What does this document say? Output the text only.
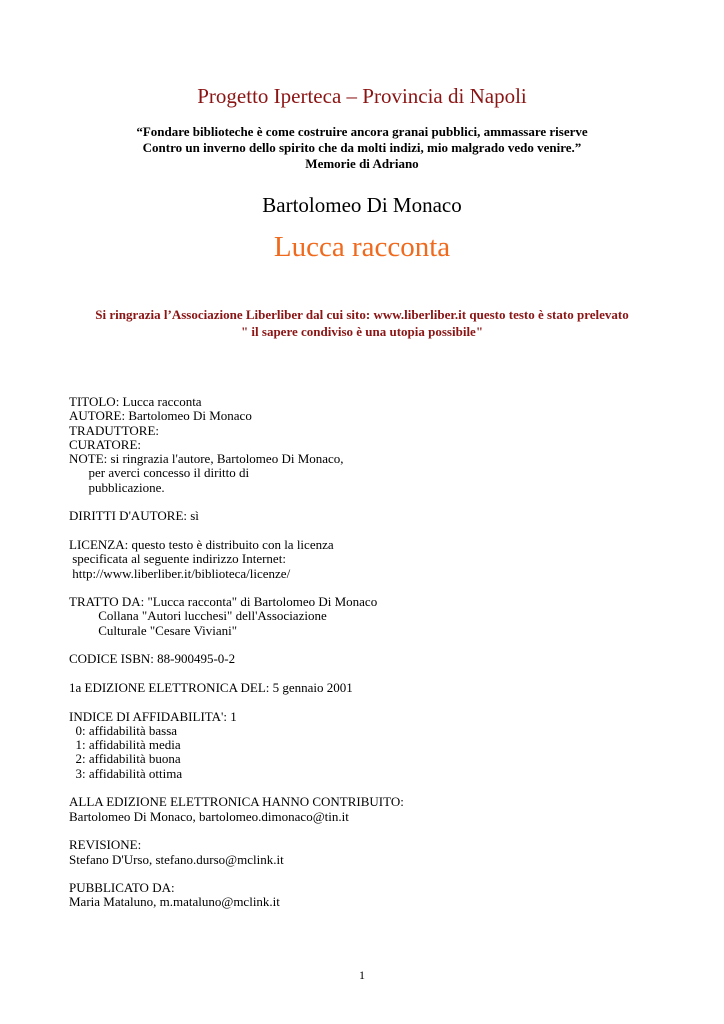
Progetto Iperteca – Provincia di Napoli
“Fondare biblioteche è come costruire ancora granai pubblici, ammassare riserve
Contro un inverno dello spirito che da molti indizi, mio malgrado vedo venire.”
Memorie di Adriano
Bartolomeo Di Monaco
Lucca racconta
Si ringrazia l’Associazione Liberliber dal cui sito: www.liberliber.it questo testo è stato prelevato
" il sapere condiviso è una utopia possibile"
TITOLO: Lucca racconta
AUTORE: Bartolomeo Di Monaco
TRADUTTORE:
CURATORE:
NOTE: si ringrazia l'autore, Bartolomeo Di Monaco,
per averci concesso il diritto di
pubblicazione.
DIRITTI D'AUTORE: sì
LICENZA: questo testo è distribuito con la licenza
specificata al seguente indirizzo Internet:
http://www.liberliber.it/biblioteca/licenze/
TRATTO DA: "Lucca racconta" di Bartolomeo Di Monaco
Collana "Autori lucchesi" dell'Associazione
Culturale "Cesare Viviani"
CODICE ISBN: 88-900495-0-2
1a EDIZIONE ELETTRONICA DEL: 5 gennaio 2001
INDICE DI AFFIDABILITA': 1
0: affidabilità bassa
1: affidabilità media
2: affidabilità buona
3: affidabilità ottima
ALLA EDIZIONE ELETTRONICA HANNO CONTRIBUITO:
Bartolomeo Di Monaco, bartolomeo.dimonaco@tin.it
REVISIONE:
Stefano D'Urso, stefano.durso@mclink.it
PUBBLICATO DA:
Maria Mataluno, m.mataluno@mclink.it
1
